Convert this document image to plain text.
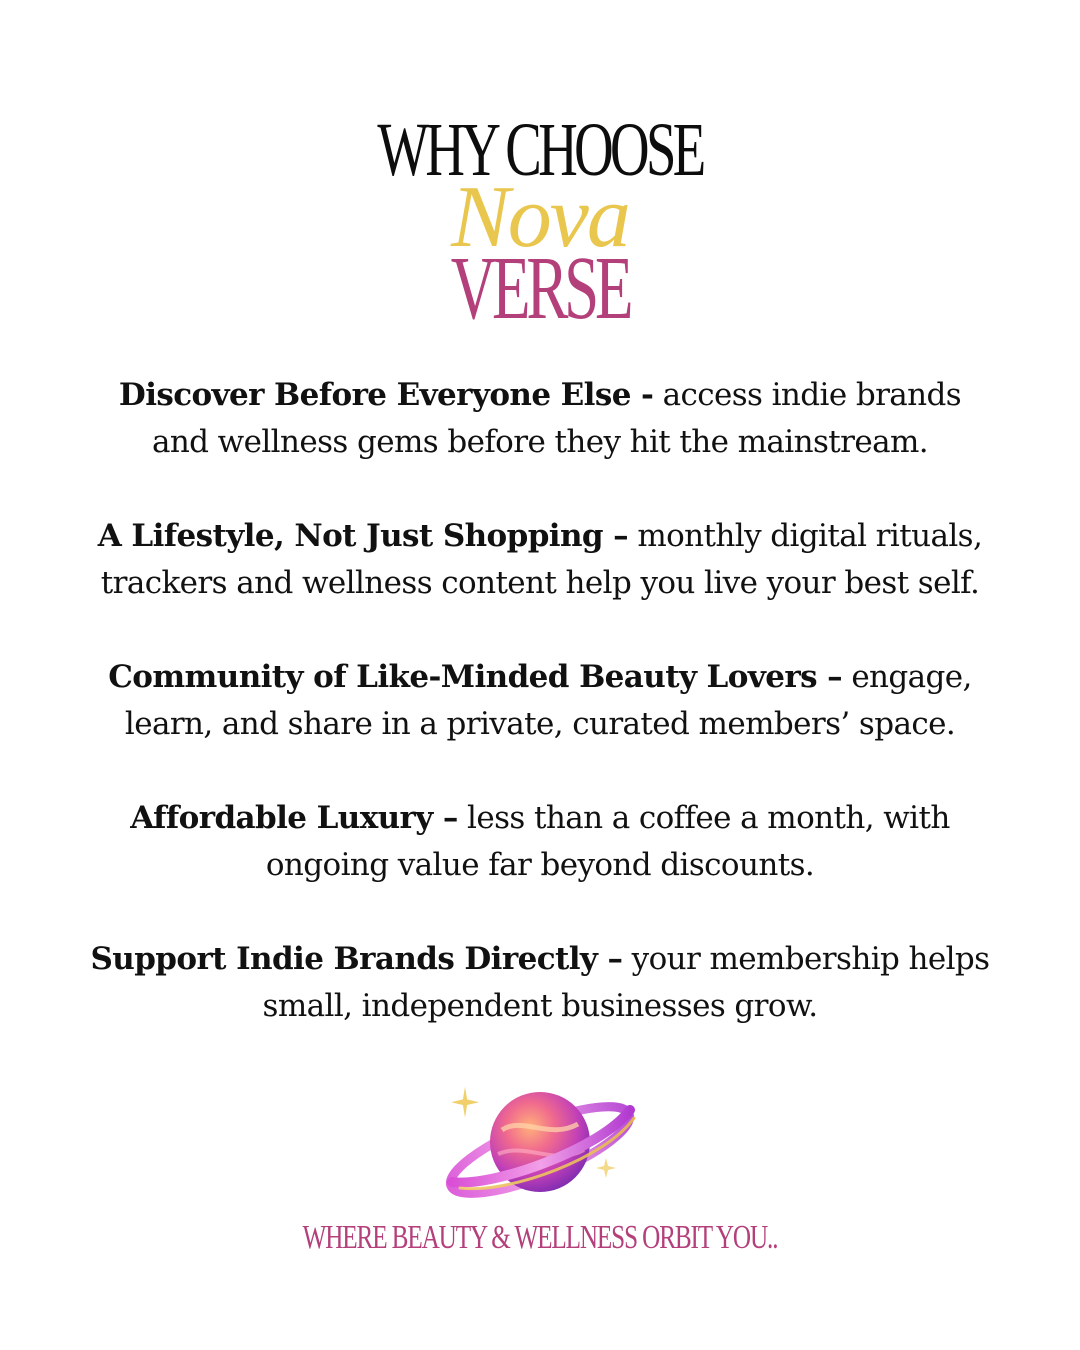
WHY CHOOSE
Nova
VERSE

Discover Before Everyone Else - access indie brands and wellness gems before they hit the mainstream.

A Lifestyle, Not Just Shopping – monthly digital rituals, trackers and wellness content help you live your best self.

Community of Like-Minded Beauty Lovers – engage, learn, and share in a private, curated members’ space.

Affordable Luxury – less than a coffee a month, with ongoing value far beyond discounts.

Support Indie Brands Directly – your membership helps small, independent businesses grow.

WHERE BEAUTY & WELLNESS ORBIT YOU..
